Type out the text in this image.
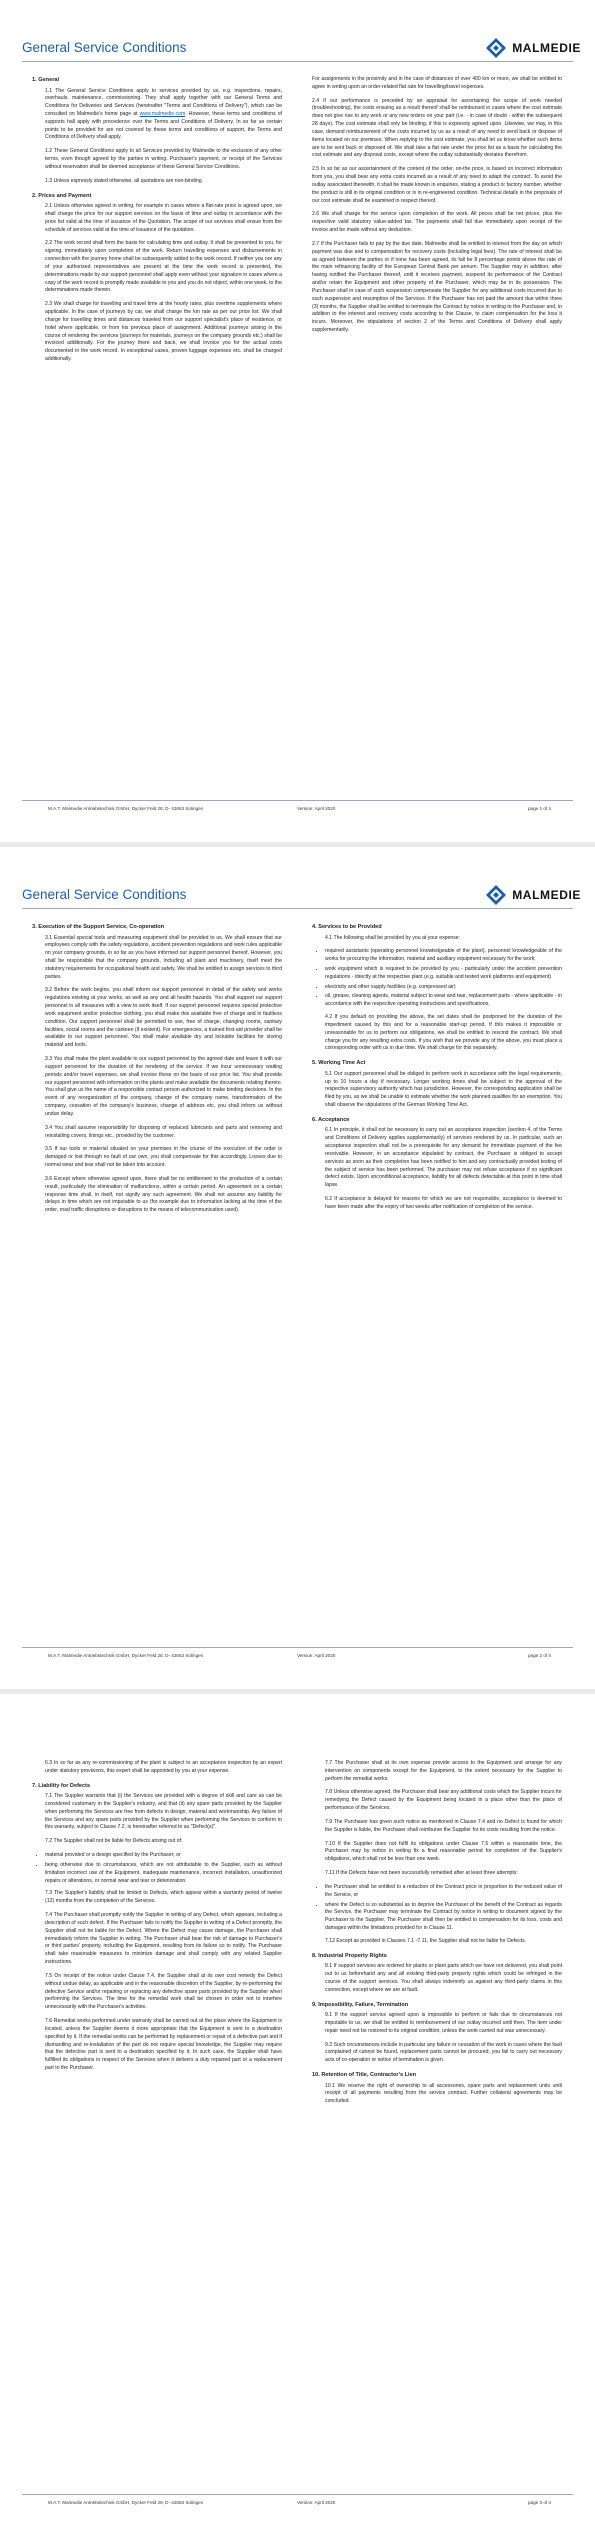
General Service Conditions	MALMEDIE
1. General

1.1 The General Service Conditions apply to services provided by us, e.g. inspections, repairs, overhauls, maintenance, commissioning. They shall apply together with our General Terms and Conditions for Deliveries and Services (hereinafter "Terms and Conditions of Delivery"), which can be consulted on Malmedie's home page at www.malmedie.com. However, these terms and conditions of supports hall apply with precedence over the Terms and Conditions of Delivery. In so far as certain points to be provided for are not covered by these terms and conditions of support, the Terms and Conditions of Delivery shall apply.

1.2 These General Conditions apply to all Services provided by Malmedie to the exclusion of any other terms, even though agreed by the parties in writing. Purchaser's payment, or receipt of the Services without reservation shall be deemed acceptance of these General Service Conditions.

1.3 Unless expressly stated otherwise, all quotations are non-binding.

2. Prices and Payment

2.1 Unless otherwise agreed in writing, for example in cases where a flat-rate price is agreed upon, we shall charge the price for our support services on the basis of time and outlay in accordance with the price list valid at the time of issuance of the Quotation. The scope of our services shall ensue from the schedule of services valid at the time of issuance of the quotation.

2.2 The work record shall form the basis for calculating time and outlay. It shall be presented to you, for signing, immediately upon completion of the work. Return travelling expenses and disbursements in connection with the journey home shall be subsequently added to the work record. If neither you nor any of your authorized representatives are present at the time the work record is presented, the determinations made by our support personnel shall apply even without your signature in cases where a copy of the work record is promptly made available to you and you do not object, within one week, to the determinations made therein.

2.3 We shall charge for travelling and travel time at the hourly rates, plus overtime supplements where applicable. In the case of journeys by car, we shall charge the km rate as per our price list. We shall charge for travelling times and distances traveled from our support specialist's place of residence, or hotel where applicable, or from his previous place of assignment. Additional journeys arising in the course of rendering the services (journeys for materials, journeys on the company grounds etc.) shall be invoiced additionally. For the journey there and back, we shall invoice you for the actual costs documented in the work record. In exceptional cases, proven luggage expenses etc. shall be charged additionally.

For assignments in the proximity and in the case of distances of over 400 km or more, we shall be entitled to agree in writing upon an order-related flat rate for travelling/travel expenses.

2.4 If our performance is preceded by an appraisal for ascertaining the scope of work needed (troubleshooting), the costs ensuing as a result thereof shall be reimbursed in cases where the cost estimate does not give rise to any work or any new orders on your part (i.e. - in case of doubt - within the subsequent 28 days). The cost estimate shall only be binding, if this is expressly agreed upon. Likewise, we may, in this case, demand reimbursement of the costs incurred by us as a result of any need to send back or dispose of items located on our premises. When replying to the cost estimate, you shall let us know whether such items are to be sent back or disposed of. We shall take a flat rate under the price list as a basis for calculating the cost estimate and any disposal costs, except where the outlay substantially deviates therefrom.

2.5 In so far as our ascertainment of the content of the order, on-the price, is based on incorrect information from you, you shall bear any extra costs incurred as a result of any need to adapt the contract. To avoid the outlay associated therewith, it shall be made known in enquiries, stating a product or factory number, whether the product is still in its original condition or is in re-engineered condition. Technical details in the proposals of our cost estimate shall be examined in respect thereof.

2.6 We shall charge for the service upon completion of the work. All prices shall be net prices, plus the respective valid statutory value-added tax. The payments shall fall due immediately upon receipt of the invoice and be made without any deduction.

2.7 If the Purchaser fails to pay by the due date, Malmedie shall be entitled to interest from the day on which payment was due and to compensation for recovery costs (including legal fees). The rate of interest shall be as agreed between the parties or if none has been agreed, its fall be 8 percentage points above the rate of the main refinancing facility of the European Central Bank per annum. The Supplier may in addition, after having notified the Purchaser thereof, until it receives payment, suspend its performance of the Contract and/or retain the Equipment and other property of the Purchaser, which may be in its possession. The Purchaser shall in case of such suspension compensate the Supplier for any additional costs incurred due to such suspension and resumption of the Services. If the Purchaser has not paid the amount due within three (3) months, the Supplier shall be entitled to terminate the Contract by notice in writing to the Purchaser and, in addition to the interest and recovery costs according to this Clause, to claim compensation for the loss it incurs. Moreover, the stipulations of section 2 of the Terms and Conditions of Delivery shall apply supplementarily.

M.A.T. Malmedie Antriebstechnik GmbH, Dycker Feld 28, D- 42653 Solingen	Version: April 2020	page 1 of 4
General Service Conditions	MALMEDIE
3. Execution of the Support Service, Co-operation

3.1 Essential special tools and measuring equipment shall be provided to us. We shall ensure that our employees comply with the safety regulations, accident prevention regulations and work rules applicable on your company grounds, in so far as you have informed our support personnel thereof. However, you shall be responsible that the company grounds, including all plant and machinery, itself meet the statutory requirements for occupational health and safety. We shall be entitled to assign services to third parties.

3.2 Before the work begins, you shall inform our support personnel in detail of the safety and works regulations existing at your works, as well as any and all health hazards. You shall support our support personnel in all measures with a view to work itself. If our support personnel requires special protective work equipment and/or protective clothing, you shall make this available free of charge and in faultless condition. Our support personnel shall be permitted to use, free of charge, changing rooms, sanitary facilities, social rooms and the canteen (if existent). For emergencies, a trained first-aid provider shall be available to our support personnel. You shall make available dry and lockable facilities for storing material and tools.

3.3 You shall make the plant available to our support personnel by the agreed date and leave it with our support personnel for the duration of the rendering of the service. If we incur unnecessary waiting periods and/or travel expenses, we shall invoice these on the basis of our price list. You shall provide our support personnel with information on the plants and make available the documents relating thereto. You shall give us the name of a responsible contact person authorized to make binding decisions. In the event of any reorganization of the company, change of the company name, transformation of the company, cessation of the company's business, change of address etc, you shall inform us without undue delay.

3.4 You shall assume responsibility for disposing of replaced lubricants and parts and removing and reinstalling covers, linings etc., provided by the customer.

3.5 If our tools or material situated on your premises in the course of the execution of the order is damaged or lost through no fault of our own, you shall compensate for this accordingly. Losses due to normal wear and tear shall not be taken into account.

3.6 Except where otherwise agreed upon, there shall be no entitlement to the production of a certain result, particularly the elimination of malfunctions, within a certain period. An agreement on a certain response time shall, in itself, not signify any such agreement. We shall not assume any liability for delays in time which are not imputable to us (for example due to information lacking at the time of the order, road traffic disruptions or disruptions to the means of telecommunication used).

4. Services to be Provided

4.1 The following shall be provided by you at your expense:

• required assistants (operating personnel knowledgeable of the plant), personnel knowledgeable of the works for procuring the information, material and auxiliary equipment necessary for the work;
• work equipment which is required to be provided by you - particularly under the accident prevention regulations - directly at the respective plant (e.g. suitable and tested work platforms and equipment)
• electricity and other supply facilities (e.g. compressed air)
• oil, grease, cleaning agents, material subject to wear and tear, replacement parts - where applicable - in accordance with the respective operating instructions and specifications.

4.2 If you default on providing the above, the set dates shall be postponed for the duration of the impediment caused by this and for a reasonable start-up period. If this makes it impossible or unreasonable for us to perform our obligations, we shall be entitled to rescind the contract. We shall charge you for any resulting extra costs. If you wish that we provide any of the above, you must place a corresponding order with us in due time. We shall charge for this separately.

5. Working Time Act

5.1 Our support personnel shall be obliged to perform work in accordance with the legal requirements, up to 10 hours a day if necessary. Longer working times shall be subject to the approval of the respective supervisory authority which has jurisdiction. However, the corresponding application shall be filed by you, as we shall be unable to estimate whether the work planned qualifies for an exemption. You shall observe the stipulations of the German Working Time Act.

6. Acceptance

6.1 In principle, it shall not be necessary to carry out an acceptance inspection (section 4. of the Terms and Conditions of Delivery applies supplementarily) of services rendered by us. In particular, such an acceptance inspection shall not be a prerequisite for any demand for immediate payment of the fee receivable. However, in an acceptance stipulated by contract, the Purchaser is obliged to accept services as soon as their completion has been notified to him and any contractually provided testing of the subject of service has been performed. The purchaser may not refuse acceptance if no significant defect exists. Upon unconditional acceptance, liability for all defects detectable at this point in time shall lapse.

6.2 If acceptance is delayed for reasons for which we are not responsible, acceptance is deemed to have been made after the expiry of two weeks after notification of completion of the service.

M.A.T. Malmedie Antriebstechnik GmbH, Dycker Feld 28, D- 42653 Solingen	Version: April 2020	page 2 of 4

6.3 In so far as any re-commissioning of the plant is subject to an acceptance inspection by an expert under statutory provisions, this expert shall be appointed by you at your expense.

7. Liability for Defects

7.1 The Supplier warrants that (i) the Services are provided with a degree of skill and care as can be considered customary in the Supplier's industry, and that (ii) any spare parts provided by the Supplier when performing the Services are free from defects in design, material and workmanship. Any failure of the Services and any spare parts provided by the Supplier when performing the Services to conform to this warranty, subject to Clause 7.2, is hereinafter referred to as "Defect(s)".

7.2 The Supplier shall not be liable for Defects arising out of:

• material provided or a design specified by the Purchaser; or
• being otherwise due to circumstances, which are not attributable to the Supplier, such as without limitation incorrect use of the Equipment, inadequate maintenance, incorrect installation, unauthorized repairs or alterations, or normal wear and tear or deterioration.

7.3 The Supplier's liability shall be limited to Defects, which appear within a warranty period of twelve (12) months from the completion of the Services.

7.4 The Purchaser shall promptly notify the Supplier in writing of any Defect, which appears, including a description of such defect. If the Purchaser fails to notify the Supplier in writing of a Defect promptly, the Supplier shall not be liable for the Defect. Where the Defect may cause damage, the Purchaser shall immediately inform the Supplier in writing. The Purchaser shall bear the risk of damage to Purchaser's or third parties' property, including the Equipment, resulting from its failure so to notify. The Purchaser shall take reasonable measures to minimize damage and shall comply with any related Supplier instructions.

7.5 On receipt of the notice under Clause 7.4, the Supplier shall at its own cost remedy the Defect without undue delay, as applicable and in the reasonable discretion of the Supplier, by re-performing the defective Service and/or repairing or replacing any defective spare parts provided by the Supplier when performing the Services. The time for the remedial work shall be chosen in order not to interfere unnecessarily with the Purchaser's activities.

7.6 Remedial works performed under warranty shall be carried out at the place where the Equipment is located, unless the Supplier deems it more appropriate that the Equipment is sent to a destination specified by it. If the remedial works can be performed by replacement or repair of a defective part and if dismantling and re-installation of the part do not require special knowledge, the Supplier may require that the defective part is sent to a destination specified by it. In such case, the Supplier shall have fulfilled its obligations in respect of the Services when it delivers a duly repaired part or a replacement part to the Purchaser.

7.7 The Purchaser shall at its own expense provide access to the Equipment and arrange for any intervention on components except for the Equipment, to the extent necessary for the Supplier to perform the remedial works.

7.8 Unless otherwise agreed, the Purchaser shall bear any additional costs which the Supplier incurs for remedying the Defect caused by the Equipment being located in a place other than the place of performance of the Services.

7.9 The Purchaser has given such notice as mentioned in Clause 7.4 and no Defect is found for which the Supplier is liable, the Purchaser shall reimburse the Supplier for its costs resulting from the notice.

7.10 If the Supplier does not fulfil its obligations under Clause 7.5 within a reasonable time, the Purchaser may by notice in writing fix a final reasonable period for completion of the Supplier's obligations, which shall not be less than one week.

7.11 If the Defects have not been successfully remedied after at least three attempts:

• the Purchaser shall be entitled to a reduction of the Contract price in proportion to the reduced value of the Service, or
• where the Defect is so substantial as to deprive the Purchaser of the benefit of the Contract as regards the Service, the Purchaser may terminate the Contract by notice in writing to document signed by the Purchaser to the Supplier. The Purchaser shall then be entitled to compensation for its loss, costs and damages within the limitations provided for in Clause 11.

7.12 Except as provided in Clauses 7.1 -7.11, the Supplier shall not be liable for Defects.

8. Industrial Property Rights

8.1 If support services are ordered for plants or plant parts which we have not delivered, you shall point out to us beforehand any and all existing third-party property rights which could be infringed in the course of the support services. You shall always indemnify us against any third-party claims in this connection, except where we are at fault.

9. Impossibility, Failure, Termination

9.1 If the support service agreed upon is impossible to perform or fails due to circumstances not imputable to us, we shall be entitled to reimbursement of our outlay incurred until then. The item under repair need not be restored to its original condition, unless the work carried out was unnecessary.

9.2 Such circumstances include in particular any failure or cessation of the work in cases where the fault complained of cannot be found, replacement parts cannot be procured, you fail to carry out necessary acts of co-operation or notice of termination is given.

10. Retention of Title, Contractor's Lien

10.1 We reserve the right of ownership to all accessories, spare parts and replacement units until receipt of all payments resulting from the service contract. Further collateral agreements may be concluded.

M.A.T. Malmedie Antriebstechnik GmbH, Dycker Feld 28, D- 42653 Solingen	Version: April 2020	page 3 of 4
